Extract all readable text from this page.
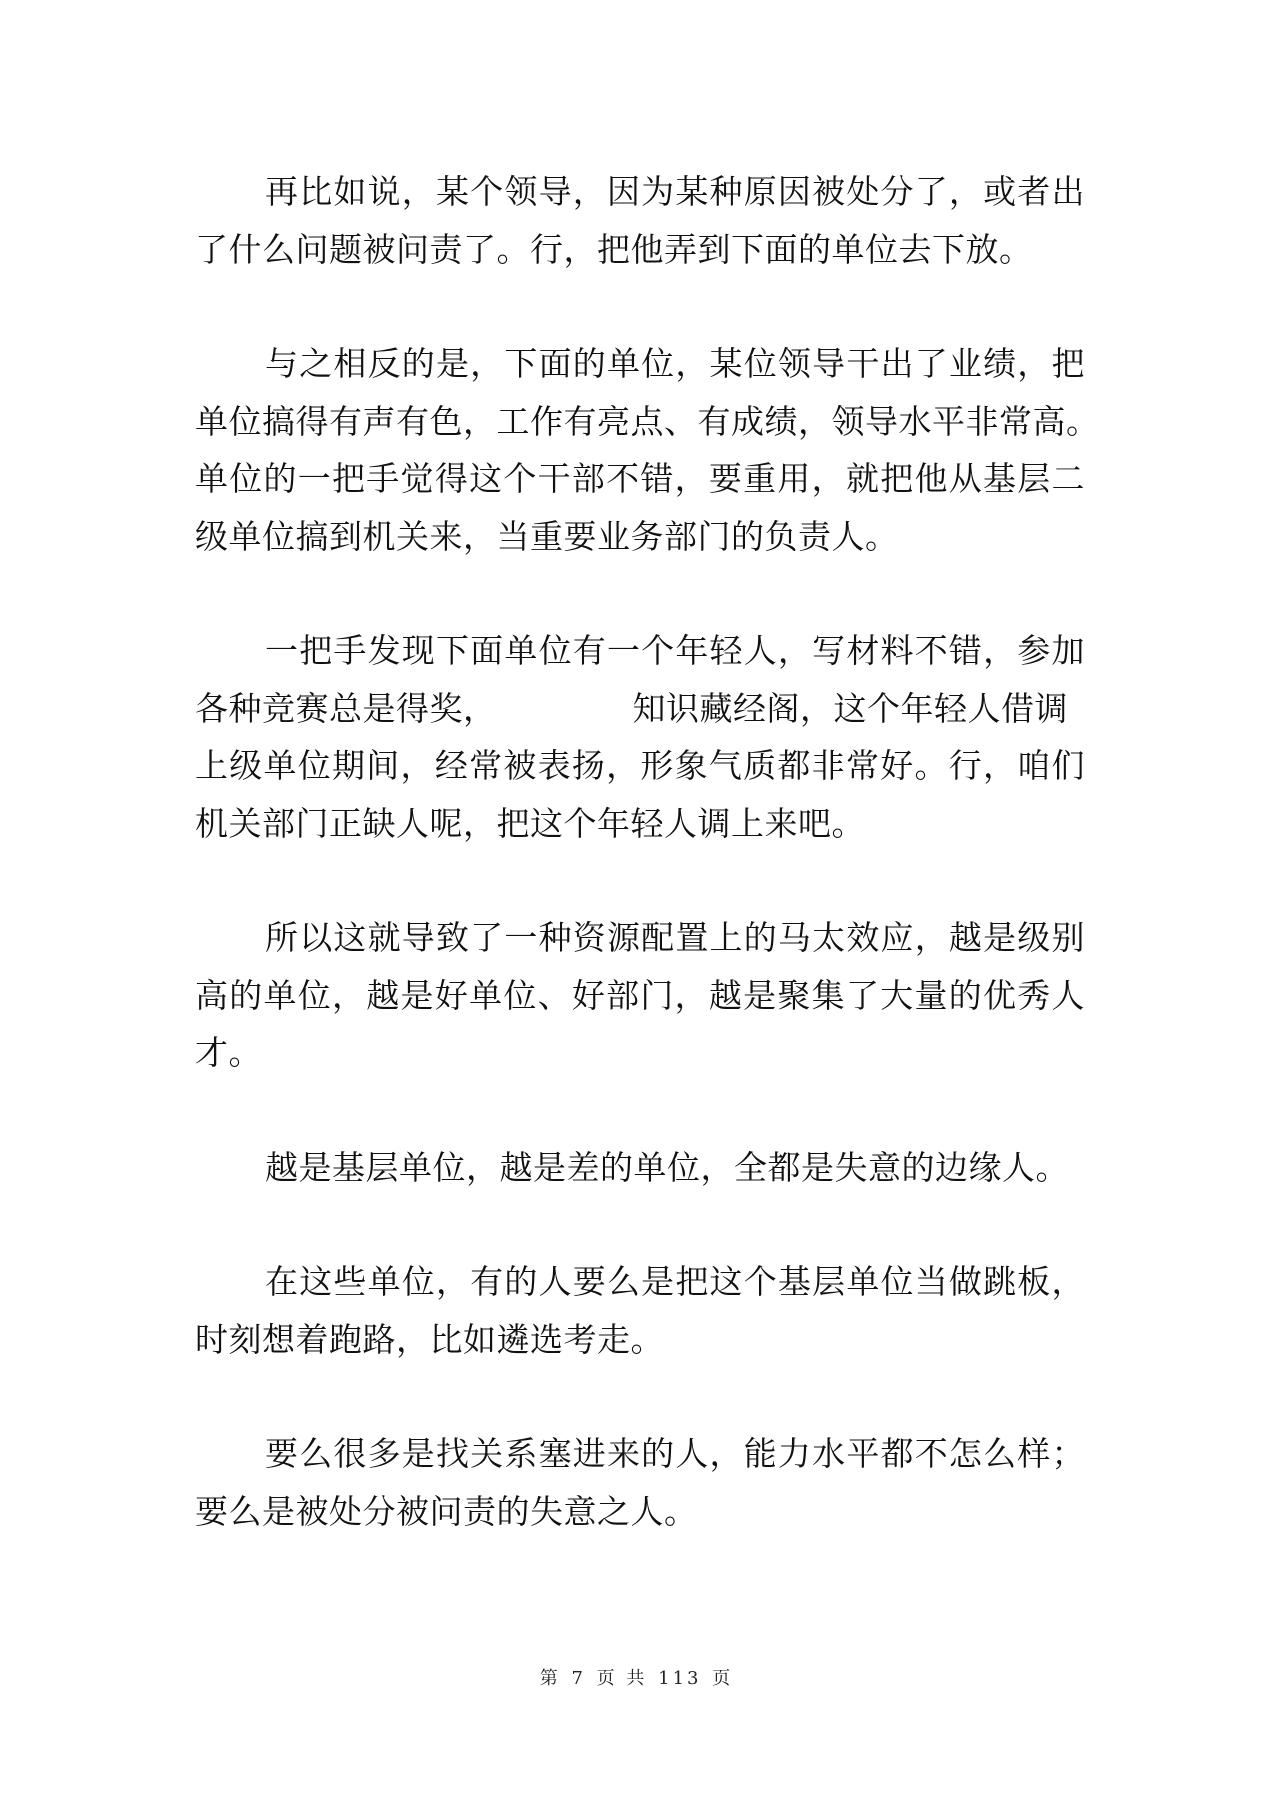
再比如说，某个领导，因为某种原因被处分了，或者出
了什么问题被问责了。行，把他弄到下面的单位去下放。

与之相反的是，下面的单位，某位领导干出了业绩，把
单位搞得有声有色，工作有亮点、有成绩，领导水平非常高。
单位的一把手觉得这个干部不错，要重用，就把他从基层二
级单位搞到机关来，当重要业务部门的负责人。

一把手发现下面单位有一个年轻人，写材料不错，参加
各种竞赛总是得奖，	知识藏经阁，这个年轻人借调
上级单位期间，经常被表扬，形象气质都非常好。行，咱们
机关部门正缺人呢，把这个年轻人调上来吧。

所以这就导致了一种资源配置上的马太效应，越是级别
高的单位，越是好单位、好部门，越是聚集了大量的优秀人
才。

越是基层单位，越是差的单位，全都是失意的边缘人。

在这些单位，有的人要么是把这个基层单位当做跳板，
时刻想着跑路，比如遴选考走。

要么很多是找关系塞进来的人，能力水平都不怎么样；
要么是被处分被问责的失意之人。

第 7 页 共 113 页
